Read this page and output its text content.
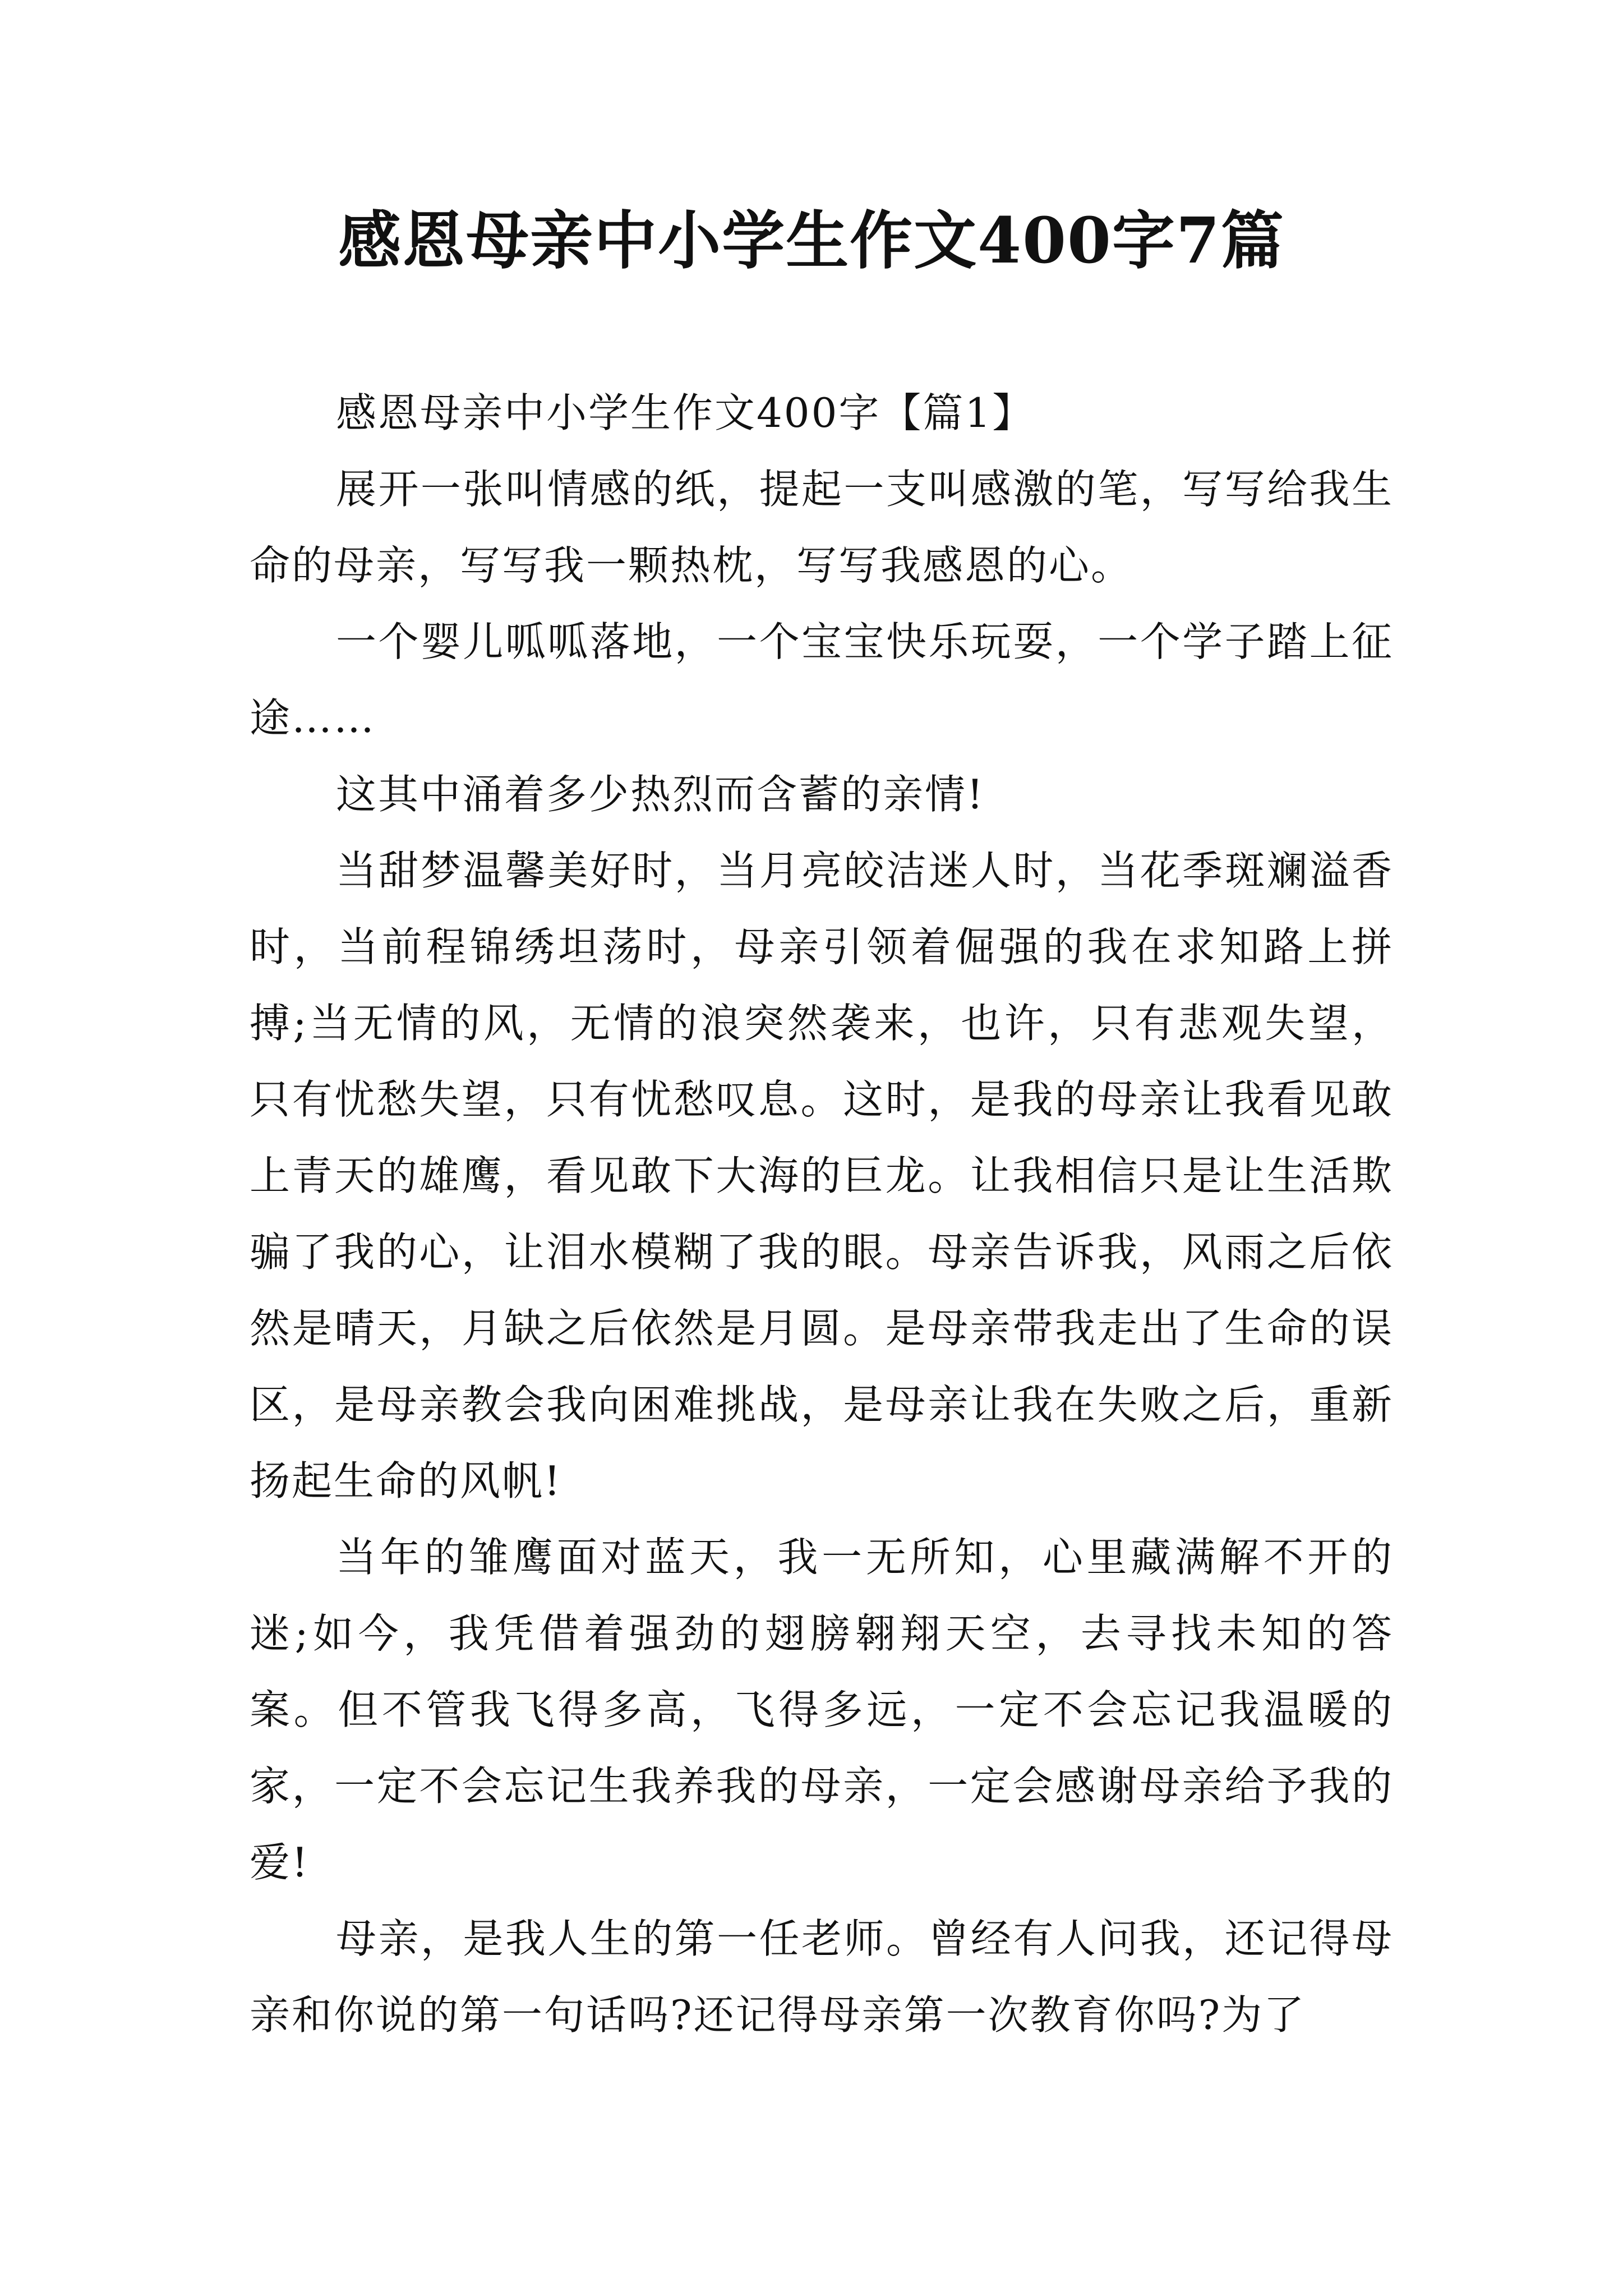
感恩母亲中小学生作文400字7篇

感恩母亲中小学生作文400字【篇1】

展开一张叫情感的纸，提起一支叫感激的笔，写写给我生命的母亲，写写我一颗热枕，写写我感恩的心。

一个婴儿呱呱落地，一个宝宝快乐玩耍，一个学子踏上征途……

这其中涌着多少热烈而含蓄的亲情!

当甜梦温馨美好时，当月亮皎洁迷人时，当花季斑斓溢香时，当前程锦绣坦荡时，母亲引领着倔强的我在求知路上拼搏;当无情的风，无情的浪突然袭来，也许，只有悲观失望，只有忧愁失望，只有忧愁叹息。这时，是我的母亲让我看见敢上青天的雄鹰，看见敢下大海的巨龙。让我相信只是让生活欺骗了我的心，让泪水模糊了我的眼。母亲告诉我，风雨之后依然是晴天，月缺之后依然是月圆。是母亲带我走出了生命的误区，是母亲教会我向困难挑战，是母亲让我在失败之后，重新扬起生命的风帆!

当年的雏鹰面对蓝天，我一无所知，心里藏满解不开的迷;如今，我凭借着强劲的翅膀翱翔天空，去寻找未知的答案。但不管我飞得多高，飞得多远，一定不会忘记我温暖的家，一定不会忘记生我养我的母亲，一定会感谢母亲给予我的爱!

母亲，是我人生的第一任老师。曾经有人问我，还记得母亲和你说的第一句话吗?还记得母亲第一次教育你吗?为了
